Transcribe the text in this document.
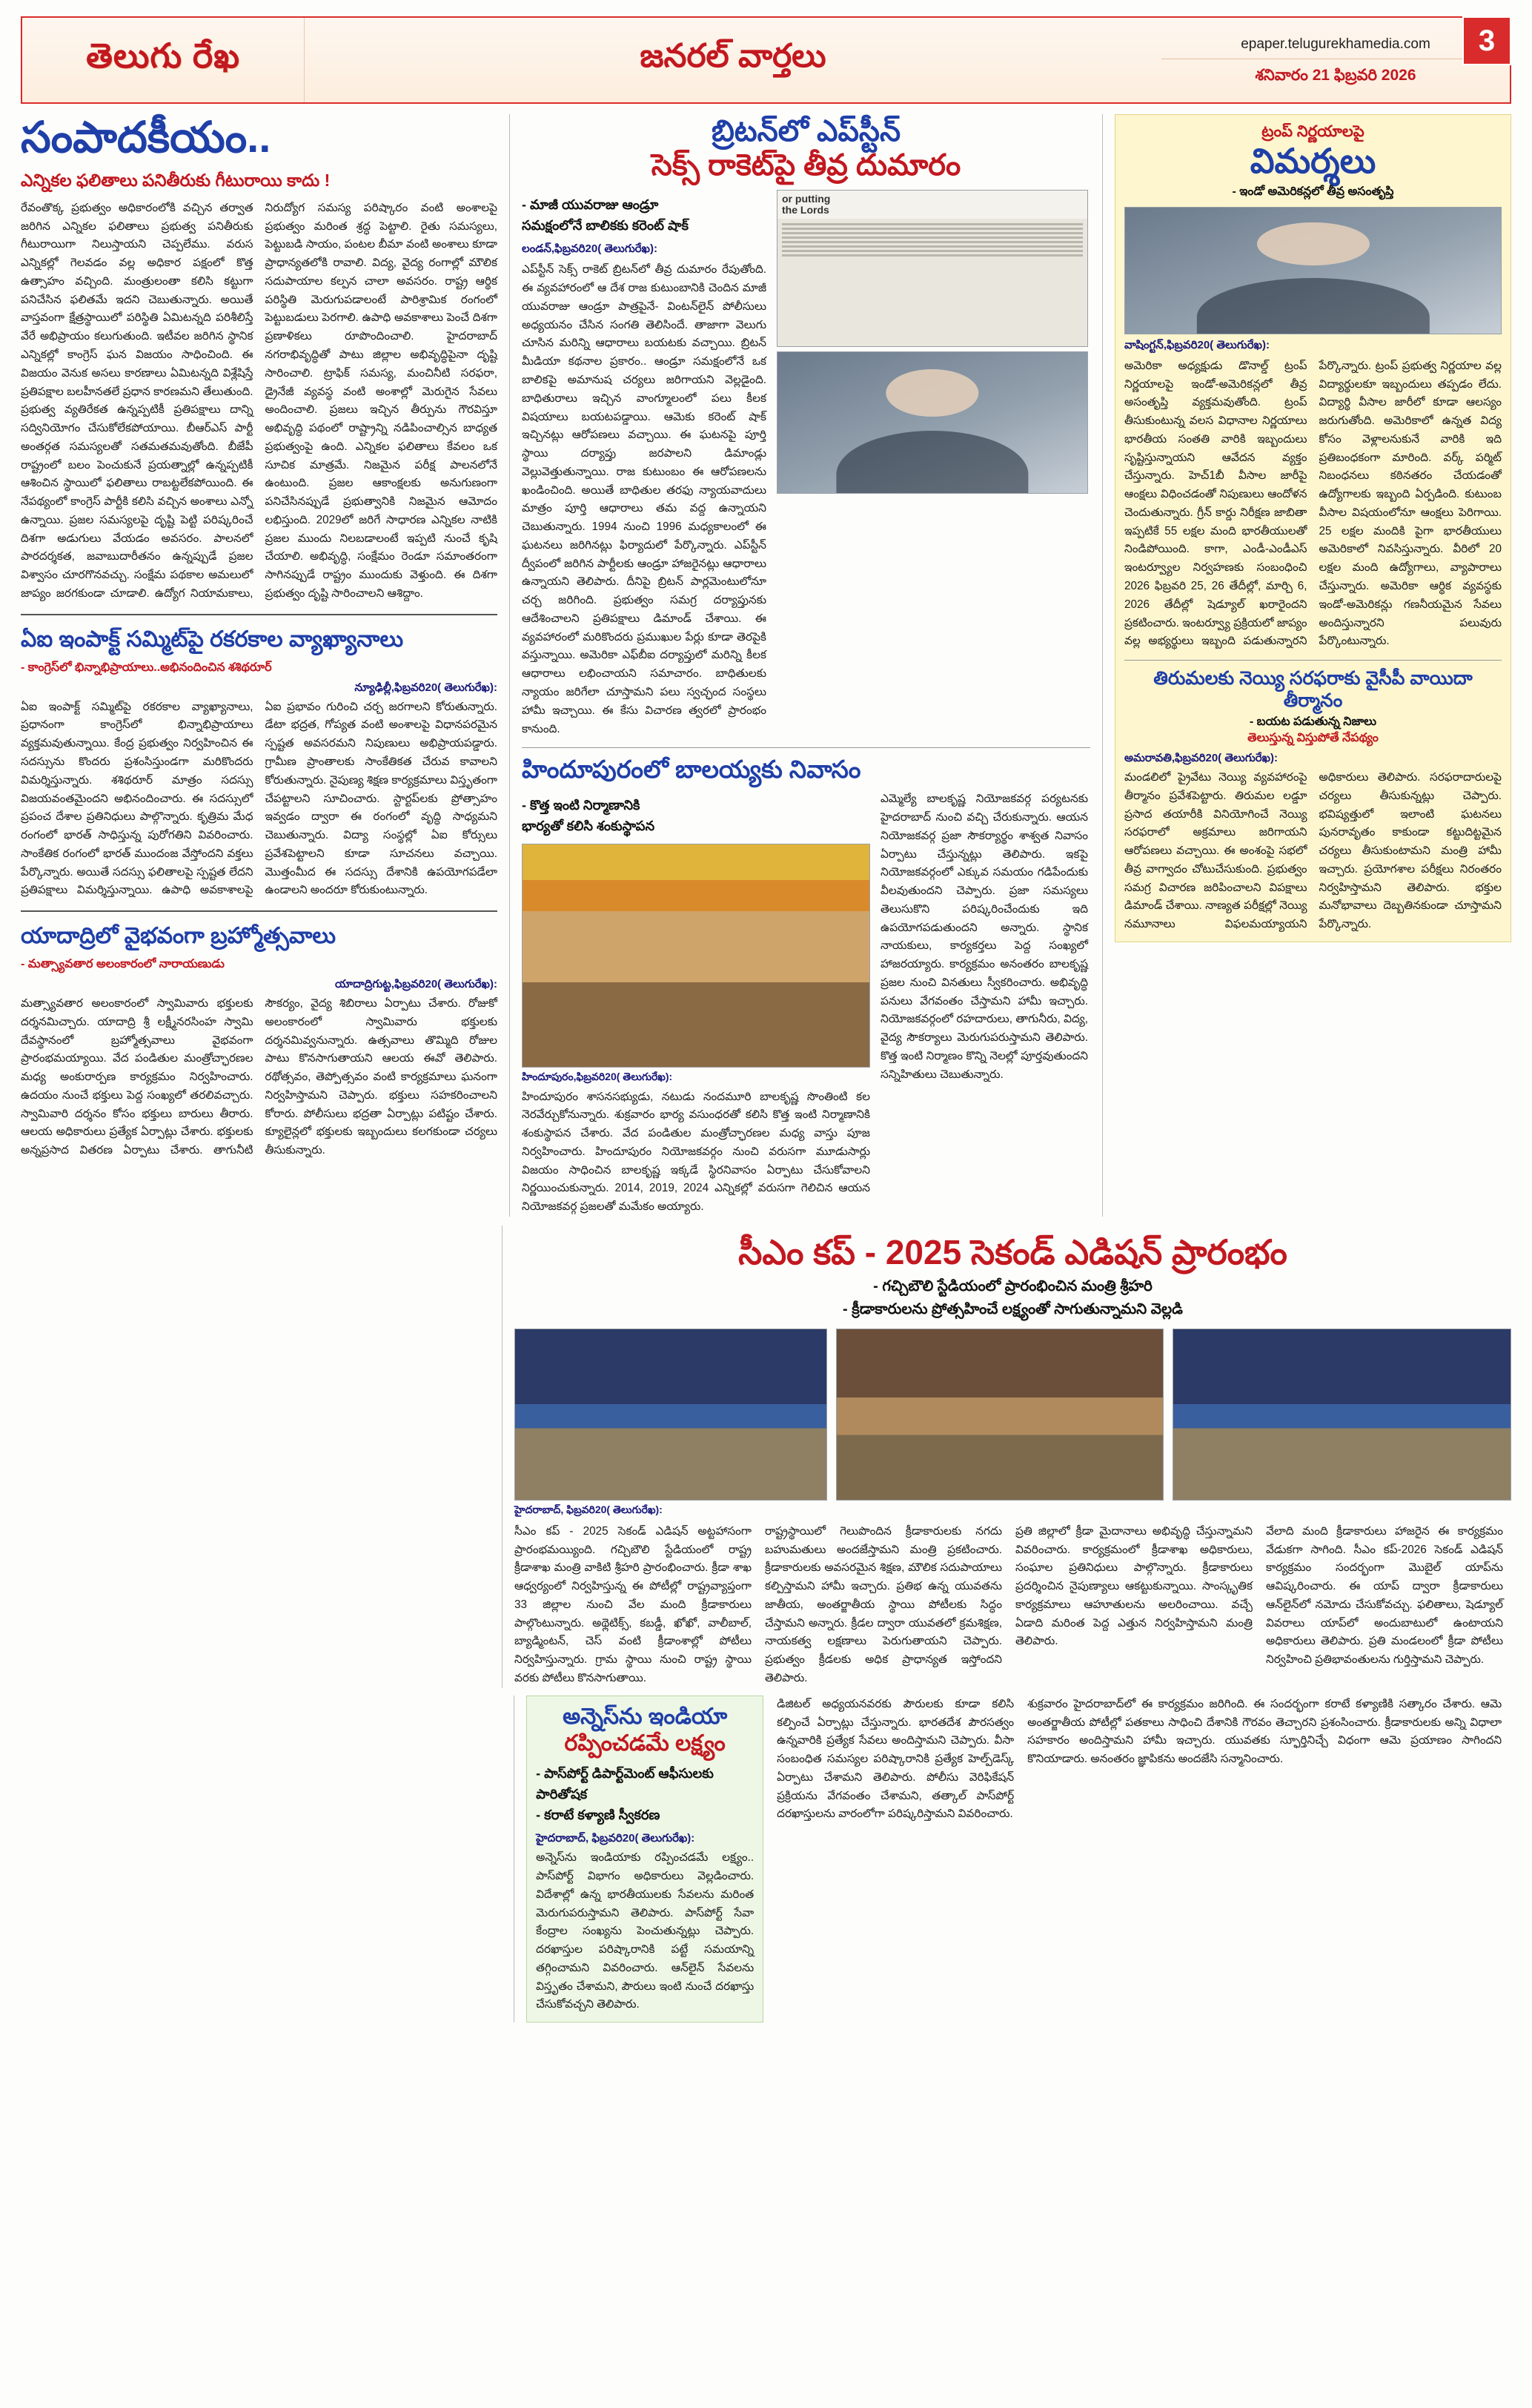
తెలుగు రేఖ	జనరల్ వార్తలు	epaper.telugurekhamedia.com
శనివారం 21 ఫిబ్రవరి 2026
3
సంపాదకీయం..
ఎన్నికల ఫలితాలు పనితీరుకు గీటురాయి కాదు !
రేవంతొక్క ప్రభుత్వం అధికారంలోకి వచ్చిన తర్వాత జరిగిన ఎన్నికల ఫలితాలు ప్రభుత్వ పనితీరుకు గీటురాయిగా నిలుస్తాయని చెప్పలేము. వరుస ఎన్నికల్లో గెలవడం వల్ల అధికార పక్షంలో కొత్త ఉత్సాహం వచ్చింది. మంత్రులంతా కలిసి కట్టుగా పనిచేసిన ఫలితమే ఇదని చెబుతున్నారు. అయితే వాస్తవంగా క్షేత్రస్థాయిలో పరిస్థితి ఏమిటన్నది పరిశీలిస్తే వేరే అభిప్రాయం కలుగుతుంది. ఇటీవల జరిగిన స్థానిక ఎన్నికల్లో కాంగ్రెస్ ఘన విజయం సాధించింది. ఈ విజయం వెనుక అసలు కారణాలు ఏమిటన్నది విశ్లేషిస్తే ప్రతిపక్షాల బలహీనతలే ప్రధాన కారణమని తేలుతుంది. ప్రభుత్వ వ్యతిరేకత ఉన్నప్పటికీ ప్రతిపక్షాలు దాన్ని సద్వినియోగం చేసుకోలేకపోయాయి. బీఆర్ఎస్ పార్టీ అంతర్గత సమస్యలతో సతమతమవుతోంది. బీజేపీ రాష్ట్రంలో బలం పెంచుకునే ప్రయత్నాల్లో ఉన్నప్పటికీ ఆశించిన స్థాయిలో ఫలితాలు రాబట్టలేకపోయింది. ఈ నేపథ్యంలో కాంగ్రెస్ పార్టీకి కలిసి వచ్చిన అంశాలు ఎన్నో ఉన్నాయి. ప్రజల సమస్యలపై దృష్టి పెట్టి పరిష్కరించే దిశగా అడుగులు వేయడం అవసరం. పాలనలో పారదర్శకత, జవాబుదారీతనం ఉన్నప్పుడే ప్రజల విశ్వాసం చూరగొనవచ్చు. సంక్షేమ పథకాల అమలులో జాప్యం జరగకుండా చూడాలి. ఉద్యోగ నియామకాలు, నిరుద్యోగ సమస్య పరిష్కారం వంటి అంశాలపై ప్రభుత్వం మరింత శ్రద్ధ పెట్టాలి. రైతు సమస్యలు, పెట్టుబడి సాయం, పంటల బీమా వంటి అంశాలు కూడా ప్రాధాన్యతలోకి రావాలి. విద్య, వైద్య రంగాల్లో మౌలిక సదుపాయాల కల్పన చాలా అవసరం. రాష్ట్ర ఆర్థిక పరిస్థితి మెరుగుపడాలంటే పారిశ్రామిక రంగంలో పెట్టుబడులు పెరగాలి. ఉపాధి అవకాశాలు పెంచే దిశగా ప్రణాళికలు రూపొందించాలి. హైదరాబాద్ నగరాభివృద్ధితో పాటు జిల్లాల అభివృద్ధిపైనా దృష్టి సారించాలి. ట్రాఫిక్ సమస్య, మంచినీటి సరఫరా, డ్రైనేజీ వ్యవస్థ వంటి అంశాల్లో మెరుగైన సేవలు అందించాలి. ప్రజలు ఇచ్చిన తీర్పును గౌరవిస్తూ అభివృద్ధి పథంలో రాష్ట్రాన్ని నడిపించాల్సిన బాధ్యత ప్రభుత్వంపై ఉంది. ఎన్నికల ఫలితాలు కేవలం ఒక సూచిక మాత్రమే. నిజమైన పరీక్ష పాలనలోనే ఉంటుంది. ప్రజల ఆకాంక్షలకు అనుగుణంగా పనిచేసినప్పుడే ప్రభుత్వానికి నిజమైన ఆమోదం లభిస్తుంది. 2029లో జరిగే సాధారణ ఎన్నికల నాటికి ప్రజల ముందు నిలబడాలంటే ఇప్పటి నుంచే కృషి చేయాలి. అభివృద్ధి, సంక్షేమం రెండూ సమాంతరంగా సాగినప్పుడే రాష్ట్రం ముందుకు వెళ్తుంది. ఈ దిశగా ప్రభుత్వం దృష్టి సారించాలని ఆశిద్దాం.
ఏఐ ఇంపాక్ట్ సమ్మిట్‌పై రకరకాల వ్యాఖ్యానాలు
- కాంగ్రెస్‌లో భిన్నాభిప్రాయాలు..అభినందించిన శశిథరూర్
న్యూఢిల్లీ,ఫిబ్రవరి20( తెలుగురేఖ):
ఏఐ ఇంపాక్ట్ సమ్మిట్‌పై రకరకాల వ్యాఖ్యానాలు, ప్రధానంగా కాంగ్రెస్‌లో భిన్నాభిప్రాయాలు వ్యక్తమవుతున్నాయి. కేంద్ర ప్రభుత్వం నిర్వహించిన ఈ సదస్సును కొందరు ప్రశంసిస్తుండగా మరికొందరు విమర్శిస్తున్నారు. శశిథరూర్ మాత్రం సదస్సు విజయవంతమైందని అభినందించారు. ఈ సదస్సులో ప్రపంచ దేశాల ప్రతినిధులు పాల్గొన్నారు. కృత్రిమ మేధ రంగంలో భారత్ సాధిస్తున్న పురోగతిని వివరించారు. సాంకేతిక రంగంలో భారత్ ముందంజ వేస్తోందని వక్తలు పేర్కొన్నారు. అయితే సదస్సు ఫలితాలపై స్పష్టత లేదని ప్రతిపక్షాలు విమర్శిస్తున్నాయి. ఉపాధి అవకాశాలపై ఏఐ ప్రభావం గురించి చర్చ జరగాలని కోరుతున్నారు. డేటా భద్రత, గోప్యత వంటి అంశాలపై విధానపరమైన స్పష్టత అవసరమని నిపుణులు అభిప్రాయపడ్డారు. గ్రామీణ ప్రాంతాలకు సాంకేతికత చేరువ కావాలని కోరుతున్నారు. నైపుణ్య శిక్షణ కార్యక్రమాలు విస్తృతంగా చేపట్టాలని సూచించారు. స్టార్టప్‌లకు ప్రోత్సాహం ఇవ్వడం ద్వారా ఈ రంగంలో వృద్ధి సాధ్యమని చెబుతున్నారు. విద్యా సంస్థల్లో ఏఐ కోర్సులు ప్రవేశపెట్టాలని కూడా సూచనలు వచ్చాయి. మొత్తంమీద ఈ సదస్సు దేశానికి ఉపయోగపడేలా ఉండాలని అందరూ కోరుకుంటున్నారు.
యాదాద్రిలో వైభవంగా బ్రహ్మోత్సవాలు
- మత్స్యావతార అలంకారంలో నారాయణుడు
యాదాద్రిగుట్ట,ఫిబ్రవరి20( తెలుగురేఖ):
మత్స్యావతార అలంకారంలో స్వామివారు భక్తులకు దర్శనమిచ్చారు. యాదాద్రి శ్రీ లక్ష్మీనరసింహ స్వామి దేవస్థానంలో బ్రహ్మోత్సవాలు వైభవంగా ప్రారంభమయ్యాయి. వేద పండితుల మంత్రోచ్ఛారణల మధ్య అంకురార్పణ కార్యక్రమం నిర్వహించారు. ఉదయం నుంచే భక్తులు పెద్ద సంఖ్యలో తరలివచ్చారు. స్వామివారి దర్శనం కోసం భక్తులు బారులు తీరారు. ఆలయ అధికారులు ప్రత్యేక ఏర్పాట్లు చేశారు. భక్తులకు అన్నప్రసాద వితరణ ఏర్పాటు చేశారు. తాగునీటి సౌకర్యం, వైద్య శిబిరాలు ఏర్పాటు చేశారు. రోజుకో అలంకారంలో స్వామివారు భక్తులకు దర్శనమివ్వనున్నారు. ఉత్సవాలు తొమ్మిది రోజుల పాటు కొనసాగుతాయని ఆలయ ఈవో తెలిపారు. రథోత్సవం, తెప్పోత్సవం వంటి కార్యక్రమాలు ఘనంగా నిర్వహిస్తామని చెప్పారు. భక్తులు సహకరించాలని కోరారు. పోలీసులు భద్రతా ఏర్పాట్లు పటిష్టం చేశారు. క్యూలైన్లలో భక్తులకు ఇబ్బందులు కలగకుండా చర్యలు తీసుకున్నారు.
బ్రిటన్‌లో ఎప్‌స్టీన్
సెక్స్ రాకెట్‌పై తీవ్ర దుమారం
- మాజీ యువరాజు ఆండ్రూ
సమక్షంలోనే బాలికకు కరెంట్ షాక్
లండన్,ఫిబ్రవరి20( తెలుగురేఖ):
ఎప్‌స్టీన్ సెక్స్ రాకెట్ బ్రిటన్‌లో తీవ్ర దుమారం రేపుతోంది. ఈ వ్యవహారంలో ఆ దేశ రాజ కుటుంబానికి చెందిన మాజీ యువరాజు ఆండ్రూ పాత్రపైనే- వింటన్‌లైన్ పోలీసులు అధ్యయనం చేసిన సంగతి తెలిసిందే. తాజాగా వెలుగు చూసిన మరిన్ని ఆధారాలు బయటకు వచ్చాయి. బ్రిటన్ మీడియా కథనాల ప్రకారం.. ఆండ్రూ సమక్షంలోనే ఒక బాలికపై అమానుష చర్యలు జరిగాయని వెల్లడైంది. బాధితురాలు ఇచ్చిన వాంగ్మూలంలో పలు కీలక విషయాలు బయటపడ్డాయి. ఆమెకు కరెంట్ షాక్ ఇచ్చినట్లు ఆరోపణలు వచ్చాయి. ఈ ఘటనపై పూర్తి స్థాయి దర్యాప్తు జరపాలని డిమాండ్లు వెల్లువెత్తుతున్నాయి. రాజ కుటుంబం ఈ ఆరోపణలను ఖండించింది. అయితే బాధితుల తరఫు న్యాయవాదులు మాత్రం పూర్తి ఆధారాలు తమ వద్ద ఉన్నాయని చెబుతున్నారు. 1994 నుంచి 1996 మధ్యకాలంలో ఈ ఘటనలు జరిగినట్లు ఫిర్యాదులో పేర్కొన్నారు. ఎప్‌స్టీన్ ద్వీపంలో జరిగిన పార్టీలకు ఆండ్రూ హాజరైనట్లు ఆధారాలు ఉన్నాయని తెలిపారు. దీనిపై బ్రిటన్ పార్లమెంటులోనూ చర్చ జరిగింది. ప్రభుత్వం సమగ్ర దర్యాప్తునకు ఆదేశించాలని ప్రతిపక్షాలు డిమాండ్ చేశాయి. ఈ వ్యవహారంలో మరికొందరు ప్రముఖుల పేర్లు కూడా తెరపైకి వస్తున్నాయి. అమెరికా ఎఫ్‌బీఐ దర్యాప్తులో మరిన్ని కీలక ఆధారాలు లభించాయని సమాచారం. బాధితులకు న్యాయం జరిగేలా చూస్తామని పలు స్వచ్ఛంద సంస్థలు హామీ ఇచ్చాయి. ఈ కేసు విచారణ త్వరలో ప్రారంభం కానుంది.
or putting
the Lords
హిందూపురంలో బాలయ్యకు నివాసం
- కొత్త ఇంటి నిర్మాణానికి
భార్యతో కలిసి శంకుస్థాపన
హిందూపురం,ఫిబ్రవరి20( తెలుగురేఖ):
హిందూపురం శాసనసభ్యుడు, నటుడు నందమూరి బాలకృష్ణ సొంతింటి కల నెరవేర్చుకోనున్నారు. శుక్రవారం భార్య వసుంధరతో కలిసి కొత్త ఇంటి నిర్మాణానికి శంకుస్థాపన చేశారు. వేద పండితుల మంత్రోచ్ఛారణల మధ్య వాస్తు పూజ నిర్వహించారు. హిందూపురం నియోజకవర్గం నుంచి వరుసగా మూడుసార్లు విజయం సాధించిన బాలకృష్ణ ఇక్కడే స్థిరనివాసం ఏర్పాటు చేసుకోవాలని నిర్ణయించుకున్నారు. 2014, 2019, 2024 ఎన్నికల్లో వరుసగా గెలిచిన ఆయన నియోజకవర్గ ప్రజలతో మమేకం అయ్యారు.
ఎమ్మెల్యే బాలకృష్ణ నియోజకవర్గ పర్యటనకు హైదరాబాద్ నుంచి వచ్చి చేరుకున్నారు. ఆయన నియోజకవర్గ ప్రజా సౌకర్యార్థం శాశ్వత నివాసం ఏర్పాటు చేస్తున్నట్లు తెలిపారు. ఇకపై నియోజకవర్గంలో ఎక్కువ సమయం గడిపేందుకు వీలవుతుందని చెప్పారు. ప్రజా సమస్యలు తెలుసుకొని పరిష్కరించేందుకు ఇది ఉపయోగపడుతుందని అన్నారు. స్థానిక నాయకులు, కార్యకర్తలు పెద్ద సంఖ్యలో హాజరయ్యారు. కార్యక్రమం అనంతరం బాలకృష్ణ ప్రజల నుంచి వినతులు స్వీకరించారు. అభివృద్ధి పనులు వేగవంతం చేస్తామని హామీ ఇచ్చారు. నియోజకవర్గంలో రహదారులు, తాగునీరు, విద్య, వైద్య సౌకర్యాలు మెరుగుపరుస్తామని తెలిపారు. కొత్త ఇంటి నిర్మాణం కొన్ని నెలల్లో పూర్తవుతుందని సన్నిహితులు చెబుతున్నారు.
ట్రంప్ నిర్ణయాలపై
విమర్శలు
- ఇండో అమెరికన్లలో తీవ్ర అసంతృప్తి
వాషింగ్టన్,ఫిబ్రవరి20( తెలుగురేఖ):
అమెరికా అధ్యక్షుడు డొనాల్డ్ ట్రంప్ నిర్ణయాలపై ఇండో-అమెరికన్లలో తీవ్ర అసంతృప్తి వ్యక్తమవుతోంది. ట్రంప్ తీసుకుంటున్న వలస విధానాల నిర్ణయాలు భారతీయ సంతతి వారికి ఇబ్బందులు సృష్టిస్తున్నాయని ఆవేదన వ్యక్తం చేస్తున్నారు. హెచ్1బీ వీసాల జారీపై ఆంక్షలు విధించడంతో నిపుణులు ఆందోళన చెందుతున్నారు. గ్రీన్ కార్డు నిరీక్షణ జాబితా ఇప్పటికే 55 లక్షల మంది భారతీయులతో నిండిపోయింది. కాగా, ఎండీ-ఎండీఎస్ ఇంటర్వ్యూల నిర్వహణకు సంబంధించి 2026 ఫిబ్రవరి 25, 26 తేదీల్లో, మార్చి 6, 2026 తేదీల్లో షెడ్యూల్ ఖరారైందని ప్రకటించారు. ఇంటర్వ్యూ ప్రక్రియలో జాప్యం వల్ల అభ్యర్థులు ఇబ్బంది పడుతున్నారని పేర్కొన్నారు. ట్రంప్ ప్రభుత్వ నిర్ణయాల వల్ల విద్యార్థులకూ ఇబ్బందులు తప్పడం లేదు. విద్యార్థి వీసాల జారీలో కూడా ఆలస్యం జరుగుతోంది. అమెరికాలో ఉన్నత విద్య కోసం వెళ్లాలనుకునే వారికి ఇది ప్రతిబంధకంగా మారింది. వర్క్ పర్మిట్ నిబంధనలు కఠినతరం చేయడంతో ఉద్యోగాలకు ఇబ్బంది ఏర్పడింది. కుటుంబ వీసాల విషయంలోనూ ఆంక్షలు పెరిగాయి. 25 లక్షల మందికి పైగా భారతీయులు అమెరికాలో నివసిస్తున్నారు. వీరిలో 20 లక్షల మంది ఉద్యోగాలు, వ్యాపారాలు చేస్తున్నారు. అమెరికా ఆర్థిక వ్యవస్థకు ఇండో-అమెరికన్లు గణనీయమైన సేవలు అందిస్తున్నారని పలువురు పేర్కొంటున్నారు.
తిరుమలకు నెయ్యి సరఫరాకు వైసీపీ వాయిదా తీర్మానం
- బయట పడుతున్న నిజాలు
తెలుస్తున్న విస్తుపోతే నేపథ్యం
అమరావతి,ఫిబ్రవరి20( తెలుగురేఖ):
మండలిలో ప్రైవేటు నెయ్యి వ్యవహారంపై తీర్మానం ప్రవేశపెట్టారు. తిరుమల లడ్డూ ప్రసాద తయారీకి వినియోగించే నెయ్యి సరఫరాలో అక్రమాలు జరిగాయని ఆరోపణలు వచ్చాయి. ఈ అంశంపై సభలో తీవ్ర వాగ్వాదం చోటుచేసుకుంది. ప్రభుత్వం సమగ్ర విచారణ జరిపించాలని విపక్షాలు డిమాండ్ చేశాయి. నాణ్యత పరీక్షల్లో నెయ్యి నమూనాలు విఫలమయ్యాయని అధికారులు తెలిపారు. సరఫరాదారులపై చర్యలు తీసుకున్నట్లు చెప్పారు. భవిష్యత్తులో ఇలాంటి ఘటనలు పునరావృతం కాకుండా కట్టుదిట్టమైన చర్యలు తీసుకుంటామని మంత్రి హామీ ఇచ్చారు. ప్రయోగశాల పరీక్షలు నిరంతరం నిర్వహిస్తామని తెలిపారు. భక్తుల మనోభావాలు దెబ్బతినకుండా చూస్తామని పేర్కొన్నారు.
సీఎం కప్ - 2025 సెకండ్ ఎడిషన్ ప్రారంభం
- గచ్చిబౌలి స్టేడియంలో ప్రారంభించిన మంత్రి శ్రీహరి
- క్రీడాకారులను ప్రోత్సహించే లక్ష్యంతో సాగుతున్నామని వెల్లడి
హైదరాబాద్, ఫిబ్రవరి20( తెలుగురేఖ):
సీఎం కప్ - 2025 సెకండ్ ఎడిషన్ అట్టహాసంగా ప్రారంభమయ్యింది. గచ్చిబౌలి స్టేడియంలో రాష్ట్ర క్రీడాశాఖ మంత్రి వాకిటి శ్రీహరి ప్రారంభించారు. క్రీడా శాఖ ఆధ్వర్యంలో నిర్వహిస్తున్న ఈ పోటీల్లో రాష్ట్రవ్యాప్తంగా 33 జిల్లాల నుంచి వేల మంది క్రీడాకారులు పాల్గొంటున్నారు. అథ్లెటిక్స్, కబడ్డీ, ఖోఖో, వాలీబాల్, బ్యాడ్మింటన్, చెస్ వంటి క్రీడాంశాల్లో పోటీలు నిర్వహిస్తున్నారు. గ్రామ స్థాయి నుంచి రాష్ట్ర స్థాయి వరకు పోటీలు కొనసాగుతాయి.
రాష్ట్రస్థాయిలో గెలుపొందిన క్రీడాకారులకు నగదు బహుమతులు అందజేస్తామని మంత్రి ప్రకటించారు. క్రీడాకారులకు అవసరమైన శిక్షణ, మౌలిక సదుపాయాలు కల్పిస్తామని హామీ ఇచ్చారు. ప్రతిభ ఉన్న యువతను జాతీయ, అంతర్జాతీయ స్థాయి పోటీలకు సిద్ధం చేస్తామని అన్నారు. క్రీడల ద్వారా యువతలో క్రమశిక్షణ, నాయకత్వ లక్షణాలు పెరుగుతాయని చెప్పారు. ప్రభుత్వం క్రీడలకు అధిక ప్రాధాన్యత ఇస్తోందని తెలిపారు.
ప్రతి జిల్లాలో క్రీడా మైదానాలు అభివృద్ధి చేస్తున్నామని వివరించారు. కార్యక్రమంలో క్రీడాశాఖ అధికారులు, సంఘాల ప్రతినిధులు పాల్గొన్నారు. క్రీడాకారులు ప్రదర్శించిన నైపుణ్యాలు ఆకట్టుకున్నాయి. సాంస్కృతిక కార్యక్రమాలు ఆహూతులను అలరించాయి. వచ్చే ఏడాది మరింత పెద్ద ఎత్తున నిర్వహిస్తామని మంత్రి తెలిపారు.
వేలాది మంది క్రీడాకారులు హాజరైన ఈ కార్యక్రమం వేడుకగా సాగింది. సీఎం కప్-2026 సెకండ్ ఎడిషన్ కార్యక్రమం సందర్భంగా మొబైల్ యాప్‌ను ఆవిష్కరించారు. ఈ యాప్ ద్వారా క్రీడాకారులు ఆన్‌లైన్‌లో నమోదు చేసుకోవచ్చు. ఫలితాలు, షెడ్యూల్ వివరాలు యాప్‌లో అందుబాటులో ఉంటాయని అధికారులు తెలిపారు. ప్రతి మండలంలో క్రీడా పోటీలు నిర్వహించి ప్రతిభావంతులను గుర్తిస్తామని చెప్పారు.
అన్నెస్‌ను ఇండియా
రప్పించడమే లక్ష్యం
- పాస్‌పోర్ట్ డిపార్ట్‌మెంట్ ఆఫీసులకు
పారితోషక
- కరాటే కళ్యాణి స్వీకరణ
హైదరాబాద్, ఫిబ్రవరి20( తెలుగురేఖ):
అన్నెస్‌ను ఇండియాకు రప్పించడమే లక్ష్యం.. పాస్‌పోర్ట్ విభాగం అధికారులు వెల్లడించారు. విదేశాల్లో ఉన్న భారతీయులకు సేవలను మరింత మెరుగుపరుస్తామని తెలిపారు. పాస్‌పోర్ట్ సేవా కేంద్రాల సంఖ్యను పెంచుతున్నట్లు చెప్పారు. దరఖాస్తుల పరిష్కారానికి పట్టే సమయాన్ని తగ్గించామని వివరించారు. ఆన్‌లైన్ సేవలను విస్తృతం చేశామని, పౌరులు ఇంటి నుంచే దరఖాస్తు చేసుకోవచ్చని తెలిపారు.
డిజిటల్ అధ్యయనవరకు పౌరులకు కూడా కలిసి కల్పించే ఏర్పాట్లు చేస్తున్నారు. భారతదేశ పౌరసత్వం ఉన్నవారికి ప్రత్యేక సేవలు అందిస్తామని చెప్పారు. వీసా సంబంధిత సమస్యల పరిష్కారానికి ప్రత్యేక హెల్ప్‌డెస్క్ ఏర్పాటు చేశామని తెలిపారు. పోలీసు వెరిఫికేషన్ ప్రక్రియను వేగవంతం చేశామని, తత్కాల్ పాస్‌పోర్ట్ దరఖాస్తులను వారంలోగా పరిష్కరిస్తామని వివరించారు.
శుక్రవారం హైదరాబాద్‌లో ఈ కార్యక్రమం జరిగింది. ఈ సందర్భంగా కరాటే కళ్యాణికి సత్కారం చేశారు. ఆమె అంతర్జాతీయ పోటీల్లో పతకాలు సాధించి దేశానికి గౌరవం తెచ్చారని ప్రశంసించారు. క్రీడాకారులకు అన్ని విధాలా సహకారం అందిస్తామని హామీ ఇచ్చారు. యువతకు స్ఫూర్తినిచ్చే విధంగా ఆమె ప్రయాణం సాగిందని కొనియాడారు. అనంతరం జ్ఞాపికను అందజేసి సన్మానించారు.
